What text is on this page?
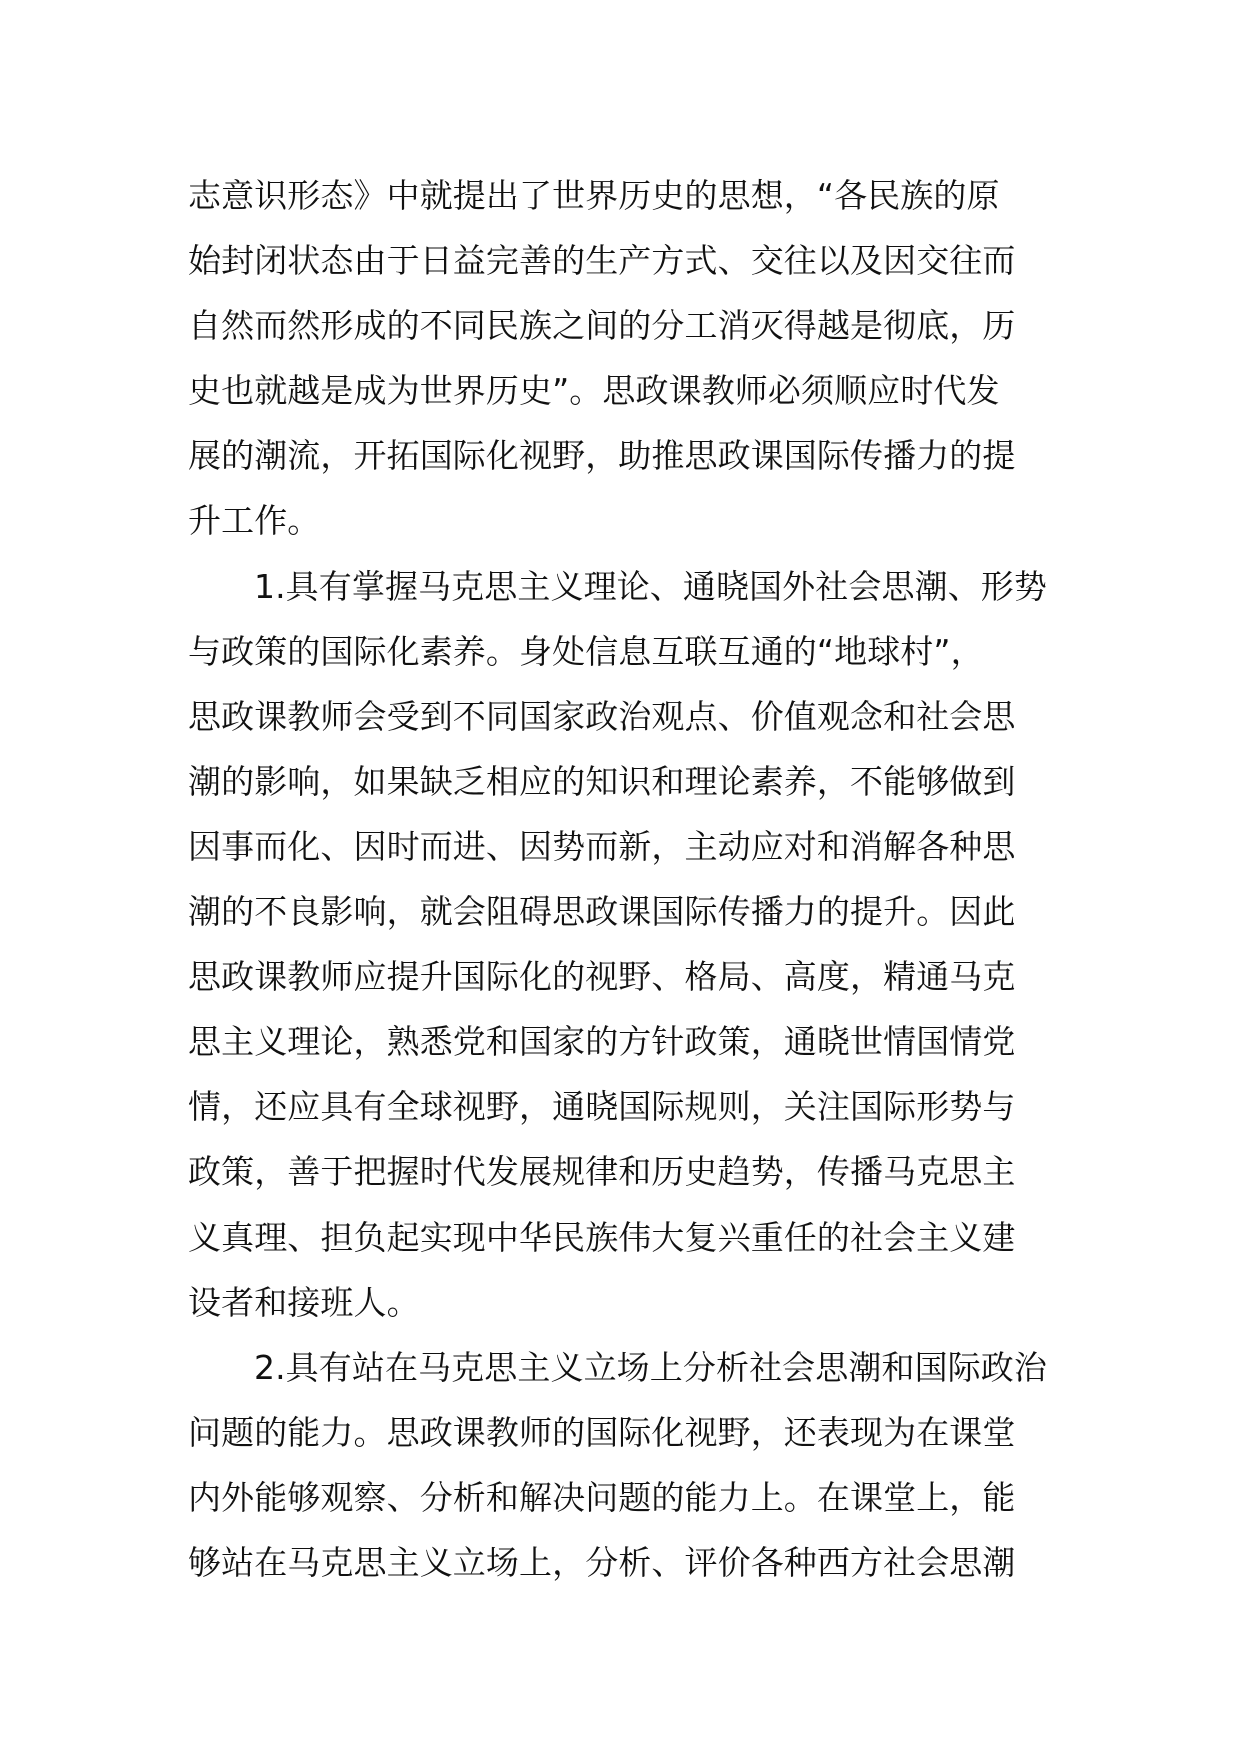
志意识形态》中就提出了世界历史的思想，“各民族的原
始封闭状态由于日益完善的生产方式、交往以及因交往而
自然而然形成的不同民族之间的分工消灭得越是彻底，历
史也就越是成为世界历史”。思政课教师必须顺应时代发
展的潮流，开拓国际化视野，助推思政课国际传播力的提
升工作。
1.具有掌握马克思主义理论、通晓国外社会思潮、形势
与政策的国际化素养。身处信息互联互通的“地球村”，
思政课教师会受到不同国家政治观点、价值观念和社会思
潮的影响，如果缺乏相应的知识和理论素养，不能够做到
因事而化、因时而进、因势而新，主动应对和消解各种思
潮的不良影响，就会阻碍思政课国际传播力的提升。因此
思政课教师应提升国际化的视野、格局、高度，精通马克
思主义理论，熟悉党和国家的方针政策，通晓世情国情党
情，还应具有全球视野，通晓国际规则，关注国际形势与
政策，善于把握时代发展规律和历史趋势，传播马克思主
义真理、担负起实现中华民族伟大复兴重任的社会主义建
设者和接班人。
2.具有站在马克思主义立场上分析社会思潮和国际政治
问题的能力。思政课教师的国际化视野，还表现为在课堂
内外能够观察、分析和解决问题的能力上。在课堂上，能
够站在马克思主义立场上，分析、评价各种西方社会思潮
